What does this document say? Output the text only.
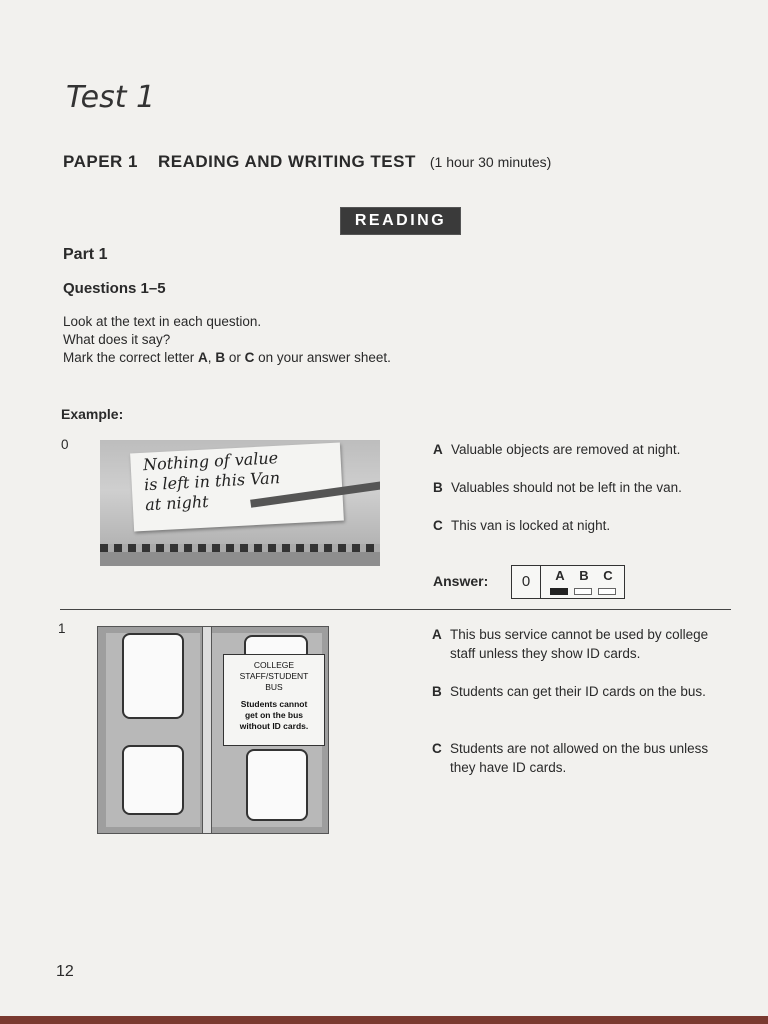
Test 1
PAPER 1 READING AND WRITING TEST (1 hour 30 minutes)
READING
Part 1
Questions 1–5
Look at the text in each question.
What does it say?
Mark the correct letter A, B or C on your answer sheet.
Example:
0
Nothing of value
is left in this Van
at night
A Valuable objects are removed at night.
B Valuables should not be left in the van.
C This van is locked at night.
Answer:	0	A B C
1
COLLEGE
STAFF/STUDENT
BUS
Students cannot
get on the bus
without ID cards.
A This bus service cannot be used by college staff unless they show ID cards.
B Students can get their ID cards on the bus.
C Students are not allowed on the bus unless they have ID cards.
12
